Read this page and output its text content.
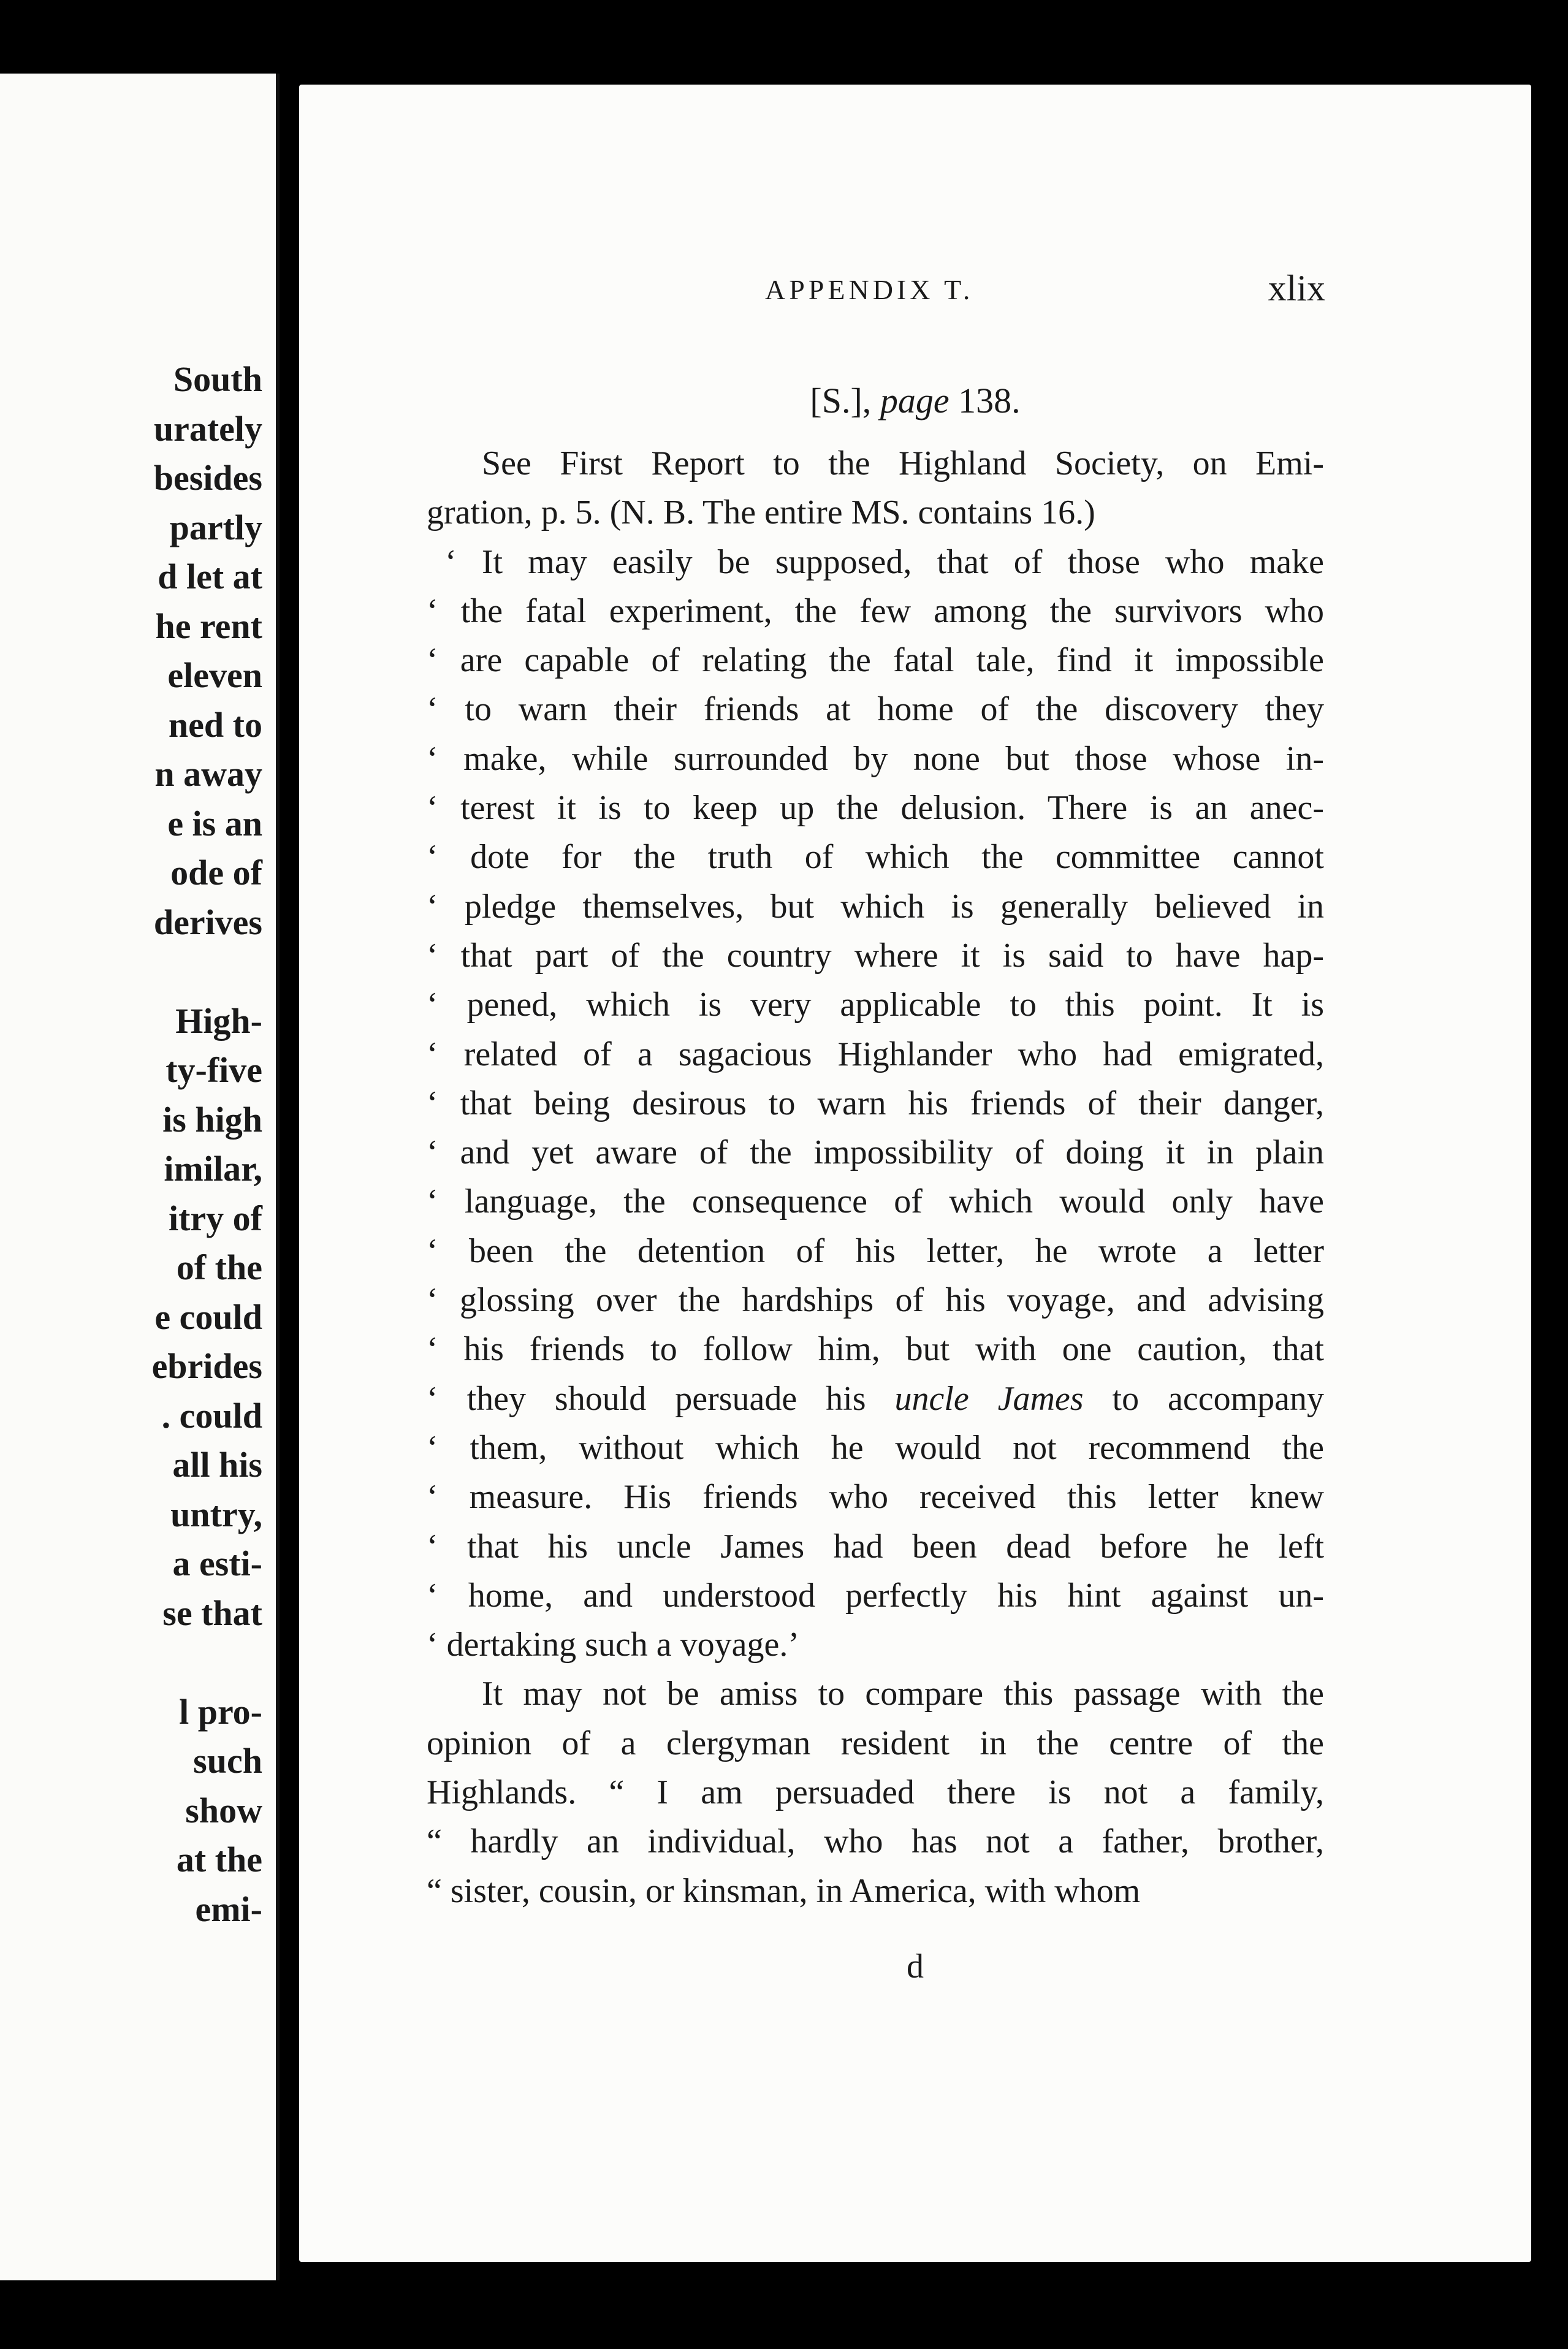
South
urately
besides
partly
d let at
he rent
eleven
ned to
n away
e is an
ode of
derives
High-
ty-five
is high
imilar,
itry of
of the
e could
ebrides
. could
all his
untry,
a esti-
se that
l pro-
such
show
at the
emi-
APPENDIX T.	xlix
[S.], page 138.
See First Report to the Highland Society, on Emi-
gration, p. 5. (N. B. The entire MS. contains 16.)
‘ It may easily be supposed, that of those who make
‘ the fatal experiment, the few among the survivors who
‘ are capable of relating the fatal tale, find it impossible
‘ to warn their friends at home of the discovery they
‘ make, while surrounded by none but those whose in-
‘ terest it is to keep up the delusion. There is an anec-
‘ dote for the truth of which the committee cannot
‘ pledge themselves, but which is generally believed in
‘ that part of the country where it is said to have hap-
‘ pened, which is very applicable to this point. It is
‘ related of a sagacious Highlander who had emigrated,
‘ that being desirous to warn his friends of their danger,
‘ and yet aware of the impossibility of doing it in plain
‘ language, the consequence of which would only have
‘ been the detention of his letter, he wrote a letter
‘ glossing over the hardships of his voyage, and advising
‘ his friends to follow him, but with one caution, that
‘ they should persuade his uncle James to accompany
‘ them, without which he would not recommend the
‘ measure. His friends who received this letter knew
‘ that his uncle James had been dead before he left
‘ home, and understood perfectly his hint against un-
‘ dertaking such a voyage.’
It may not be amiss to compare this passage with the
opinion of a clergyman resident in the centre of the
Highlands. “ I am persuaded there is not a family,
“ hardly an individual, who has not a father, brother,
“ sister, cousin, or kinsman, in America, with whom
d
